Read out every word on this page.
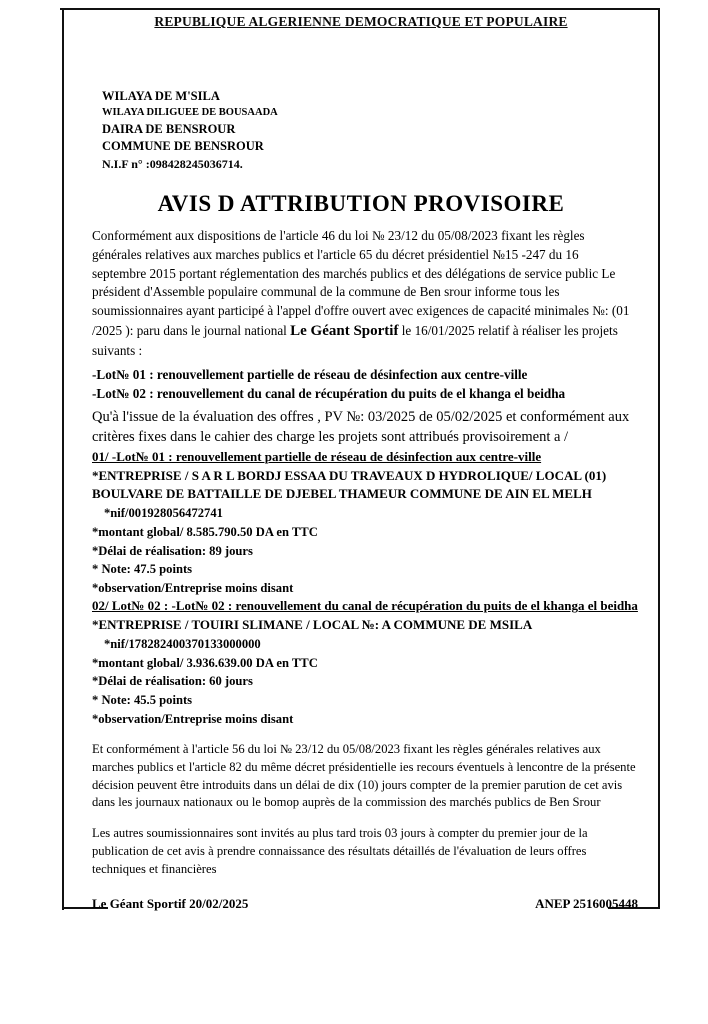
REPUBLIQUE ALGERIENNE DEMOCRATIQUE ET POPULAIRE
WILAYA DE M'SILA
WILAYA DILIGUEE DE BOUSAADA
DAIRA DE BENSROUR
COMMUNE DE BENSROUR
N.I.F n° :098428245036714.
AVIS D ATTRIBUTION PROVISOIRE

Conformément aux dispositions de l'article 46 du loi № 23/12 du 05/08/2023 fixant les règles générales relatives aux marches publics et l'article 65 du décret présidentiel №15 -247 du 16 septembre 2015 portant réglementation des marchés publics et des délégations de service public Le président d'Assemble populaire communal de la commune de Ben srour informe tous les soumissionnaires ayant participé à l'appel d'offre ouvert avec exigences de capacité minimales №: (01 /2025 ): paru dans le journal national Le Géant Sportif le 16/01/2025 relatif à réaliser les projets suivants :

-Lot№ 01 : renouvellement partielle de réseau de désinfection aux centre-ville
-Lot№ 02 : renouvellement du canal de récupération du puits de el khanga el beidha
Qu'à l'issue de la évaluation des offres , PV №: 03/2025 de 05/02/2025 et conformément aux critères fixes dans le cahier des charge les projets sont attribués provisoirement a /
01/ -Lot№ 01 : renouvellement partielle de réseau de désinfection aux centre-ville
*ENTREPRISE / S A R L BORDJ ESSAA DU TRAVEAUX D HYDROLIQUE/ LOCAL (01) BOULVARE DE BATTAILLE DE DJEBEL THAMEUR COMMUNE DE AIN EL MELH
*nif/001928056472741
*montant global/ 8.585.790.50 DA en TTC
*Délai de réalisation: 89 jours
* Note: 47.5 points
*observation/Entreprise moins disant
02/ Lot№ 02 : -Lot№ 02 : renouvellement du canal de récupération du puits de el khanga el beidha
*ENTREPRISE / TOUIRI SLIMANE / LOCAL №: A COMMUNE DE MSILA
*nif/178282400370133000000
*montant global/ 3.936.639.00 DA en TTC
*Délai de réalisation: 60 jours
* Note: 45.5 points
*observation/Entreprise moins disant

Et conformément à l'article 56 du loi № 23/12 du 05/08/2023 fixant les règles générales relatives aux marches publics et l'article 82 du même décret présidentielle ies recours éventuels à lencontre de la présente décision peuvent être introduits dans un délai de dix (10) jours compter de la premier parution de cet avis dans les journaux nationaux ou le bomop auprès de la commission des marchés publics de Ben Srour

Les autres soumissionnaires sont invités au plus tard trois 03 jours à compter du premier jour de la publication de cet avis à prendre connaissance des résultats détaillés de l'évaluation de leurs offres techniques et financières

Le Géant Sportif 20/02/2025	ANEP 2516005448
